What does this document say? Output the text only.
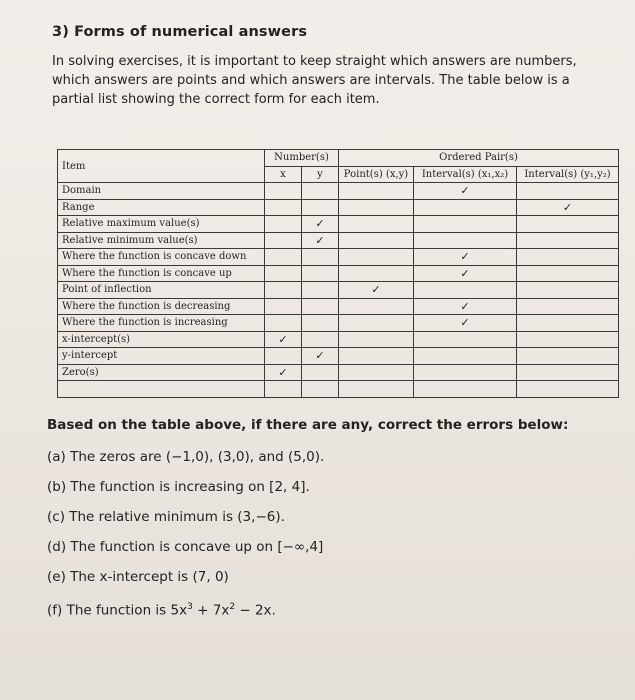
3) Forms of numerical answers

In solving exercises, it is important to keep straight which answers are numbers, which answers are points and which answers are intervals. The table below is a partial list showing the correct form for each item.

Item	Number(s)		Ordered Pair(s)		
	x	y	Point(s) (x,y)	Interval(s) (x₁,x₂)	Interval(s) (y₁,y₂)
Domain				✓	
Range					✓
Relative maximum value(s)		✓			
Relative minimum value(s)		✓			
Where the function is concave down				✓	
Where the function is concave up				✓	
Point of inflection			✓		
Where the function is decreasing				✓	
Where the function is increasing				✓	
x-intercept(s)	✓				
y-intercept		✓			
Zero(s)	✓				

Based on the table above, if there are any, correct the errors below:

(a) The zeros are (−1,0), (3,0), and (5,0).

(b) The function is increasing on [2, 4].

(c) The relative minimum is (3,−6).

(d) The function is concave up on [−∞,4]

(e) The x-intercept is (7, 0)

(f) The function is $5x^3 + 7x^2 - 2x$.
